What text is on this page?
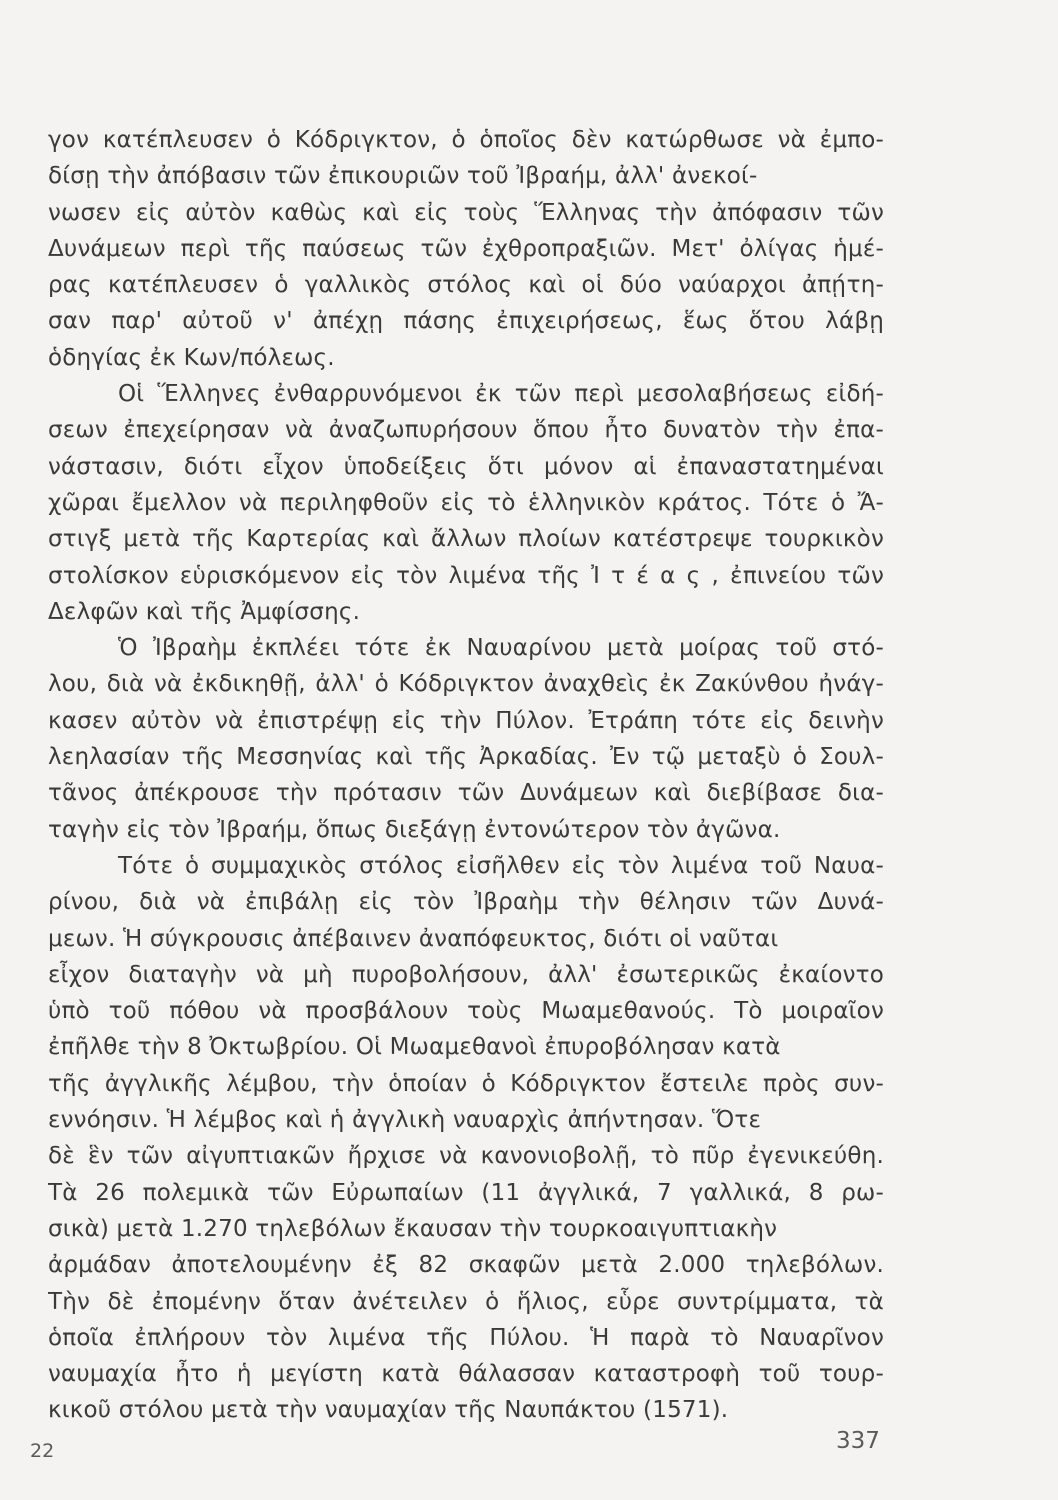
γον κατέπλευσεν ὁ Κόδριγκτον, ὁ ὁποῖος δὲν κατώρθωσε νὰ ἐμπο-
δίσῃ τὴν ἀπόβασιν τῶν ἐπικουριῶν τοῦ Ἰβραήμ, ἀλλ' ἀνεκοί-
νωσεν εἰς αὐτὸν καθὼς καὶ εἰς τοὺς Ἕλληνας τὴν ἀπόφασιν τῶν
Δυνάμεων περὶ τῆς παύσεως τῶν ἐχθροπραξιῶν. Μετ' ὀλίγας ἡμέ-
ρας κατέπλευσεν ὁ γαλλικὸς στόλος καὶ οἱ δύο ναύαρχοι ἀπῄτη-
σαν παρ' αὐτοῦ ν' ἀπέχῃ πάσης ἐπιχειρήσεως, ἕως ὅτου λάβῃ
ὁδηγίας ἐκ Κων/πόλεως.
Οἱ Ἕλληνες ἐνθαρρυνόμενοι ἐκ τῶν περὶ μεσολαβήσεως εἰδή-
σεων ἐπεχείρησαν νὰ ἀναζωπυρήσουν ὅπου ἦτο δυνατὸν τὴν ἐπα-
νάστασιν, διότι εἶχον ὑποδείξεις ὅτι μόνον αἱ ἐπαναστατημέναι
χῶραι ἔμελλον νὰ περιληφθοῦν εἰς τὸ ἑλληνικὸν κράτος. Τότε ὁ Ἄ-
στιγξ μετὰ τῆς Καρτερίας καὶ ἄλλων πλοίων κατέστρεψε τουρκικὸν
στολίσκον εὑρισκόμενον εἰς τὸν λιμένα τῆς Ἰ τ έ α ς , ἐπινείου τῶν
Δελφῶν καὶ τῆς Ἀμφίσσης.
Ὁ Ἰβραὴμ ἐκπλέει τότε ἐκ Ναυαρίνου μετὰ μοίρας τοῦ στό-
λου, διὰ νὰ ἐκδικηθῇ, ἀλλ' ὁ Κόδριγκτον ἀναχθεὶς ἐκ Ζακύνθου ἠνάγ-
κασεν αὐτὸν νὰ ἐπιστρέψῃ εἰς τὴν Πύλον. Ἐτράπη τότε εἰς δεινὴν
λεηλασίαν τῆς Μεσσηνίας καὶ τῆς Ἀρκαδίας. Ἐν τῷ μεταξὺ ὁ Σουλ-
τᾶνος ἀπέκρουσε τὴν πρότασιν τῶν Δυνάμεων καὶ διεβίβασε δια-
ταγὴν εἰς τὸν Ἰβραήμ, ὅπως διεξάγῃ ἐντονώτερον τὸν ἀγῶνα.
Τότε ὁ συμμαχικὸς στόλος εἰσῆλθεν εἰς τὸν λιμένα τοῦ Ναυα-
ρίνου, διὰ νὰ ἐπιβάλῃ εἰς τὸν Ἰβραὴμ τὴν θέλησιν τῶν Δυνά-
μεων. Ἡ σύγκρουσις ἀπέβαινεν ἀναπόφευκτος, διότι οἱ ναῦται
εἶχον διαταγὴν νὰ μὴ πυροβολήσουν, ἀλλ' ἐσωτερικῶς ἐκαίοντο
ὑπὸ τοῦ πόθου νὰ προσβάλουν τοὺς Μωαμεθανούς. Τὸ μοιραῖον
ἐπῆλθε τὴν 8 Ὀκτωβρίου. Οἱ Μωαμεθανοὶ ἐπυροβόλησαν κατὰ
τῆς ἀγγλικῆς λέμβου, τὴν ὁποίαν ὁ Κόδριγκτον ἔστειλε πρὸς συν-
εννόησιν. Ἡ λέμβος καὶ ἡ ἀγγλικὴ ναυαρχὶς ἀπήντησαν. Ὅτε
δὲ ἓν τῶν αἰγυπτιακῶν ἤρχισε νὰ κανονιοβολῇ, τὸ πῦρ ἐγενικεύθη.
Τὰ 26 πολεμικὰ τῶν Εὐρωπαίων (11 ἀγγλικά, 7 γαλλικά, 8 ρω-
σικὰ) μετὰ 1.270 τηλεβόλων ἔκαυσαν τὴν τουρκοαιγυπτιακὴν
ἀρμάδαν ἀποτελουμένην ἐξ 82 σκαφῶν μετὰ 2.000 τηλεβόλων.
Τὴν δὲ ἐπομένην ὅταν ἀνέτειλεν ὁ ἥλιος, εὗρε συντρίμματα, τὰ
ὁποῖα ἐπλήρουν τὸν λιμένα τῆς Πύλου. Ἡ παρὰ τὸ Ναυαρῖνον
ναυμαχία ἦτο ἡ μεγίστη κατὰ θάλασσαν καταστροφὴ τοῦ τουρ-
κικοῦ στόλου μετὰ τὴν ναυμαχίαν τῆς Ναυπάκτου (1571).
22	337
